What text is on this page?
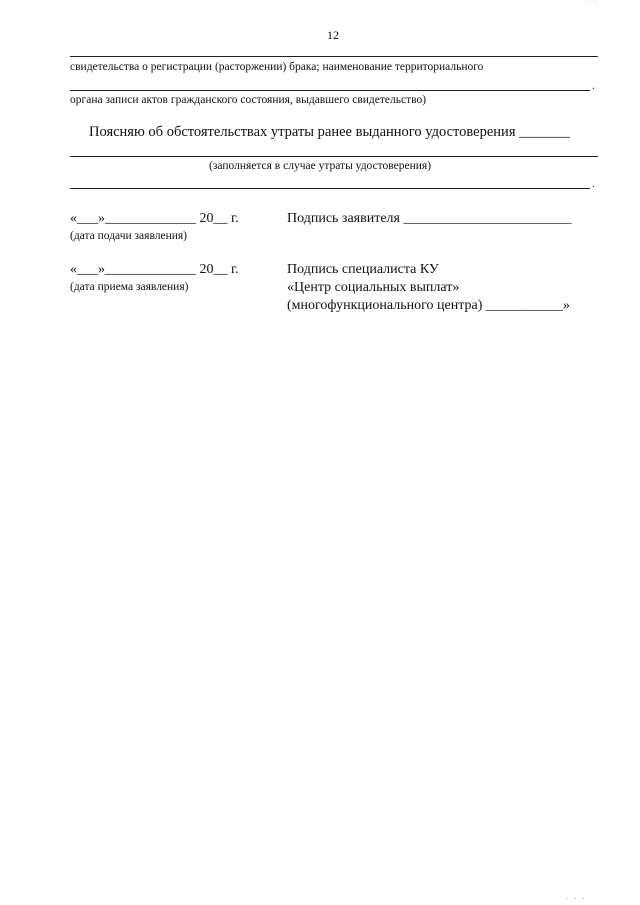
12
· ·
· · ·
свидетельства о регистрации (расторжении) брака; наименование территориального
.
органа записи актов гражданского состояния, выдавшего свидетельство)
Поясняю об обстоятельствах утраты ранее выданного удостоверения _______
(заполняется в случае утраты удостоверения)
.
«___»_____________ 20__ г.
(дата подачи заявления)
Подпись заявителя ________________________
«___»_____________ 20__ г.
(дата приема заявления)
Подпись специалиста КУ
«Центр социальных выплат»
(многофункционального центра) ___________»
